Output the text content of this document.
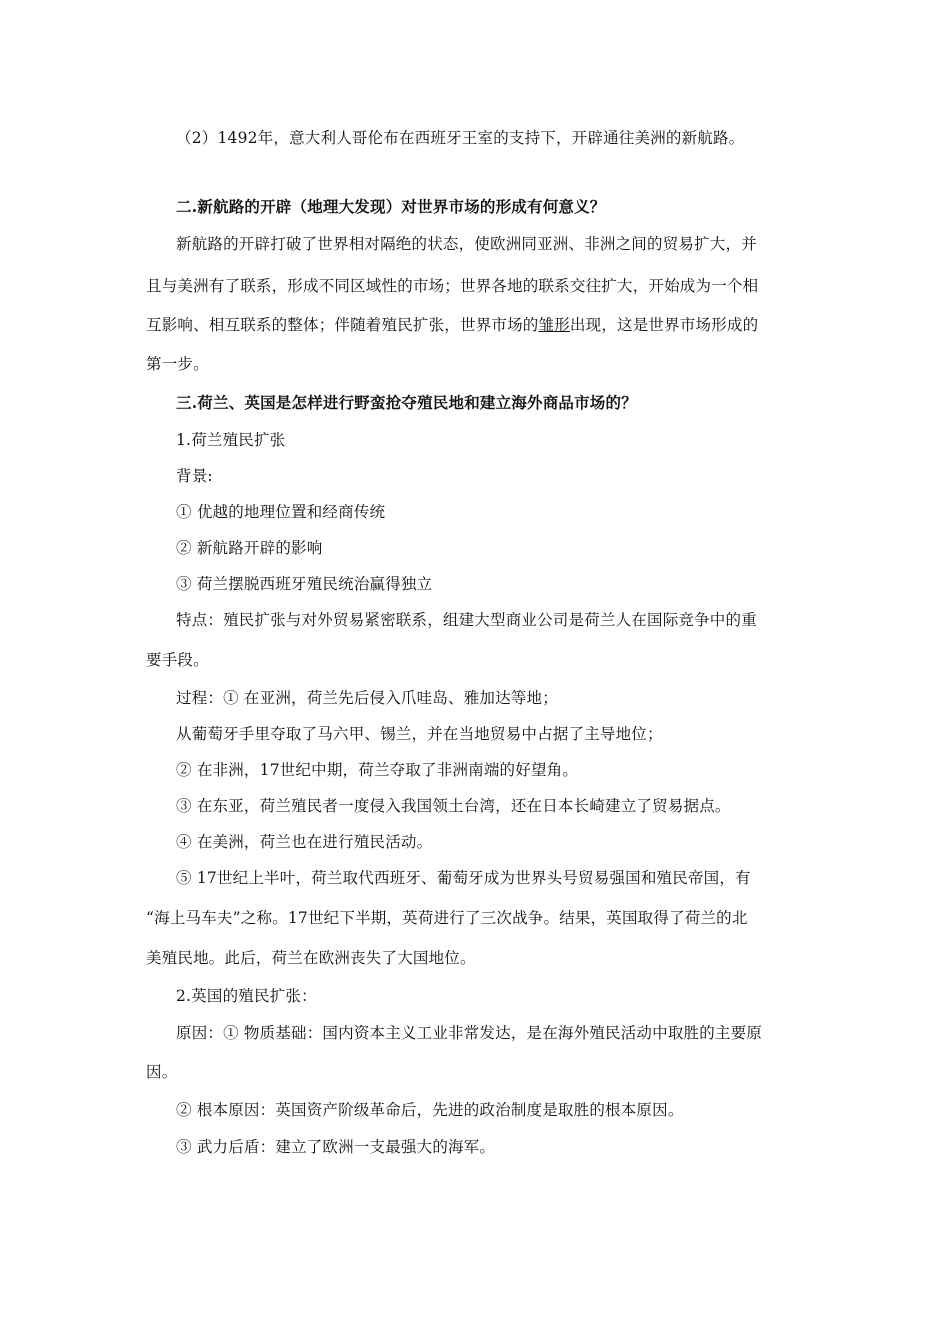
（2）1492年，意大利人哥伦布在西班牙王室的支持下，开辟通往美洲的新航路。
二.新航路的开辟（地理大发现）对世界市场的形成有何意义？
新航路的开辟打破了世界相对隔绝的状态，使欧洲同亚洲、非洲之间的贸易扩大，并
且与美洲有了联系，形成不同区域性的市场；世界各地的联系交往扩大，开始成为一个相
互影响、相互联系的整体；伴随着殖民扩张，世界市场的雏形出现，这是世界市场形成的
第一步。
三.荷兰、英国是怎样进行野蛮抢夺殖民地和建立海外商品市场的？
1.荷兰殖民扩张
背景:
① 优越的地理位置和经商传统
② 新航路开辟的影响
③ 荷兰摆脱西班牙殖民统治赢得独立
特点：殖民扩张与对外贸易紧密联系，组建大型商业公司是荷兰人在国际竞争中的重
要手段。
过程：① 在亚洲，荷兰先后侵入爪哇岛、雅加达等地；
从葡萄牙手里夺取了马六甲、锡兰，并在当地贸易中占据了主导地位；
② 在非洲，17世纪中期，荷兰夺取了非洲南端的好望角。
③ 在东亚，荷兰殖民者一度侵入我国领土台湾，还在日本长崎建立了贸易据点。
④ 在美洲，荷兰也在进行殖民活动。
⑤ 17世纪上半叶，荷兰取代西班牙、葡萄牙成为世界头号贸易强国和殖民帝国，有
“海上马车夫”之称。17世纪下半期，英荷进行了三次战争。结果，英国取得了荷兰的北
美殖民地。此后，荷兰在欧洲丧失了大国地位。
2.英国的殖民扩张：
原因：① 物质基础：国内资本主义工业非常发达，是在海外殖民活动中取胜的主要原
因。
② 根本原因：英国资产阶级革命后，先进的政治制度是取胜的根本原因。
③ 武力后盾：建立了欧洲一支最强大的海军。
